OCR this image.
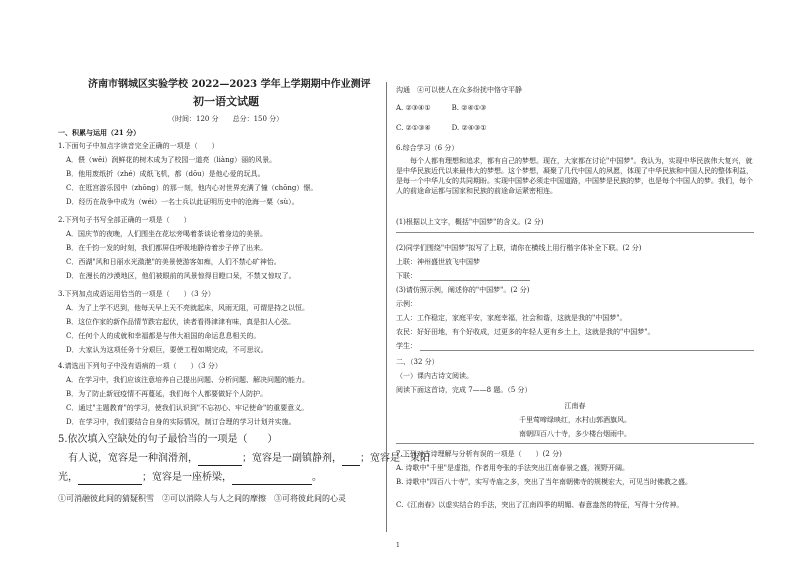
济南市钢城区实验学校 2022—2023 学年上学期期中作业测评
初一语文试题
（时间：120 分　　总分：150 分）
一、积累与运用（21 分）
1.下面句子中加点字读音完全正确的一项是（　　）
A．偎（wēi）润鲜花的树木成为了校园一道亮（liàng）丽的风景。
B．他用废纸折（zhé）成纸飞机，都（dōu）是他心爱的玩具。
C．在逛宫游乐园中（zhōng）的那一刻，他内心对世界充满了憧（chōng）憬。
D．经历在战争中成为（wéi）一名士兵以此证明历史中的沧海一粟（sù）。
2.下列句子书写全部正确的一项是（　　）
A．国庆节的夜晚，人们围坐在花坛旁喝着茶谈论着身边的美景。
B．在千钧一发的时刻，我们都屏住呼吸地静待着步子停了出来。
C．西湖"风和日丽水光潋滟"的美景使游客如痴，人们不禁心旷神怡。
D．在漫长的沙漠地区，他们被眼前的风景惊得目瞪口呆，不禁又惊叹了。
3.下列加点成语运用恰当的一项是（　　）（3 分）
A．为了上学不迟到，他每天早上天不亮就起床，风雨无阻，可谓是持之以恒。
B．这位作家的新作品情节跌宕起伏，读者看得津津有味，真是扣人心弦。
C．任何个人的成就和幸福都是与伟大祖国的命运息息相关的。
D．大家认为这项任务十分艰巨，要使工程如期完成，不可思议。
4.请选出下列句子中没有语病的一项（　　）（3 分）
A．在学习中，我们应该注意培养自己提出问题、分析问题、解决问题的能力。
B．为了防止新冠疫情不再蔓延，我们每个人都要做好个人防护。
C．通过"主题教育"的学习，使我们认识到"不忘初心、牢记使命"的重要意义。
D．在学习中，我们要结合自身的实际情况，制订合理的学习计划并实施。
5.依次填入空缺处的句子最恰当的一项是（　　）
有人说，宽容是一种润滑剂，	；宽容是一副镇静剂， ；宽容是一束阳
光，	；宽容是一座桥梁，	。
①可消融彼此间的猜疑积雪　②可以消除人与人之间的摩擦　③可将彼此间的心灵
沟通　④可以使人在众多纷扰中恪守平静
A. ②③④①　　　B. ②④①③
C. ②①③④　　　D. ②④③①
6.综合学习（6 分）
每个人都有理想和追求，都有自己的梦想。现在，大家都在讨论"中国梦"。我认为，实现中华民族伟大复兴，就是中华民族近代以来最伟大的梦想。这个梦想，凝聚了几代中国人的夙愿，体现了中华民族和中国人民的整体利益，是每一个中华儿女的共同期盼。实现中国梦必须走中国道路，中国梦是民族的梦，也是每个中国人的梦。我们，每个人的前途命运都与国家和民族的前途命运紧密相连。
(1)根据以上文字，概括"中国梦"的含义。(2 分)
(2)同学们围绕"中国梦"拟写了上联，请你在横线上用行楷字体补全下联。(2 分)
上联：神州盛世放飞中国梦
下联：
(3)请仿照示例，阐述你的"中国梦"。(2 分)
示例：
工人：工作稳定，家庭平安，家庭幸福，社会和谐，这就是我的"中国梦"。
农民：好好田地，有个好收成，过更多的年轻人更有乡土上，这就是我的"中国梦"。
学生：
二、（32 分）
（一）课内古诗文阅读。
阅读下面这首诗，完成 7——8 题。（5 分）
江南春
千里莺啼绿映红，水村山郭酒旗风。
南朝四百八十寺，多少楼台烟雨中。
7.下列对古诗理解与分析有误的一项是（　　）(2 分)
A. 诗歌中"千里"是虚指，作者用夸张的手法突出江南春景之盛，视野开阔。
B. 诗歌中"四百八十寺"，实写寺庙之多，突出了当年南朝佛寺的规模宏大，可见当时佛教之盛。
C.《江南春》以虚实结合的手法，突出了江南四季的明媚、春意盎然的特征，写得十分传神。
1
